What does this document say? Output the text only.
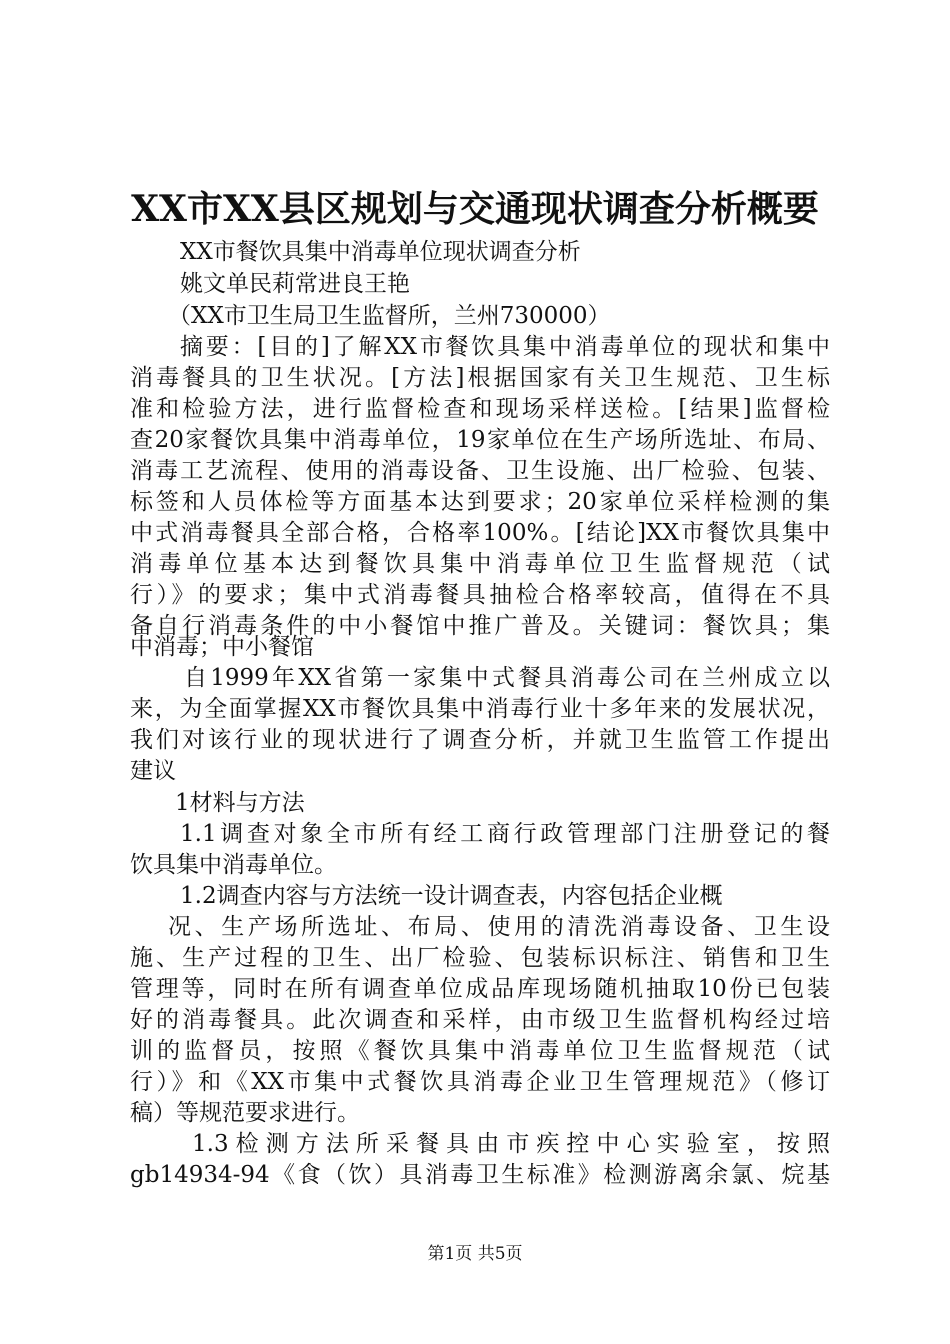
XX市XX县区规划与交通现状调查分析概要
XX市餐饮具集中消毒单位现状调查分析
姚文单民莉常进良王艳
（XX市卫生局卫生监督所，兰州730000）
摘要：[目的]了解XX市餐饮具集中消毒单位的现状和集中
消毒餐具的卫生状况。[方法]根据国家有关卫生规范、卫生标
准和检验方法，进行监督检查和现场采样送检。[结果]监督检
查20家餐饮具集中消毒单位，19家单位在生产场所选址、布局、
消毒工艺流程、使用的消毒设备、卫生设施、出厂检验、包装、
标签和人员体检等方面基本达到要求；20家单位采样检测的集
中式消毒餐具全部合格，合格率100%。[结论]XX市餐饮具集中
消毒单位基本达到餐饮具集中消毒单位卫生监督规范（试
行）》的要求；集中式消毒餐具抽检合格率较高，值得在不具
备自行消毒条件的中小餐馆中推广普及。关键词：餐饮具；集
中消毒；中小餐馆
自1999年XX省第一家集中式餐具消毒公司在兰州成立以
来，为全面掌握XX市餐饮具集中消毒行业十多年来的发展状况，
我们对该行业的现状进行了调查分析，并就卫生监管工作提出
建议
1材料与方法
1.1调查对象全市所有经工商行政管理部门注册登记的餐
饮具集中消毒单位。
1.2调查内容与方法统一设计调查表，内容包括企业概
况、生产场所选址、布局、使用的清洗消毒设备、卫生设
施、生产过程的卫生、出厂检验、包装标识标注、销售和卫生
管理等，同时在所有调查单位成品库现场随机抽取10份已包装
好的消毒餐具。此次调查和采样，由市级卫生监督机构经过培
训的监督员，按照《餐饮具集中消毒单位卫生监督规范（试
行）》和《XX市集中式餐饮具消毒企业卫生管理规范》（修订
稿）等规范要求进行。
1.3检测方法所采餐具由市疾控中心实验室，按照
gb14934-94《食（饮）具消毒卫生标准》检测游离余氯、烷基
第1页 共5页
